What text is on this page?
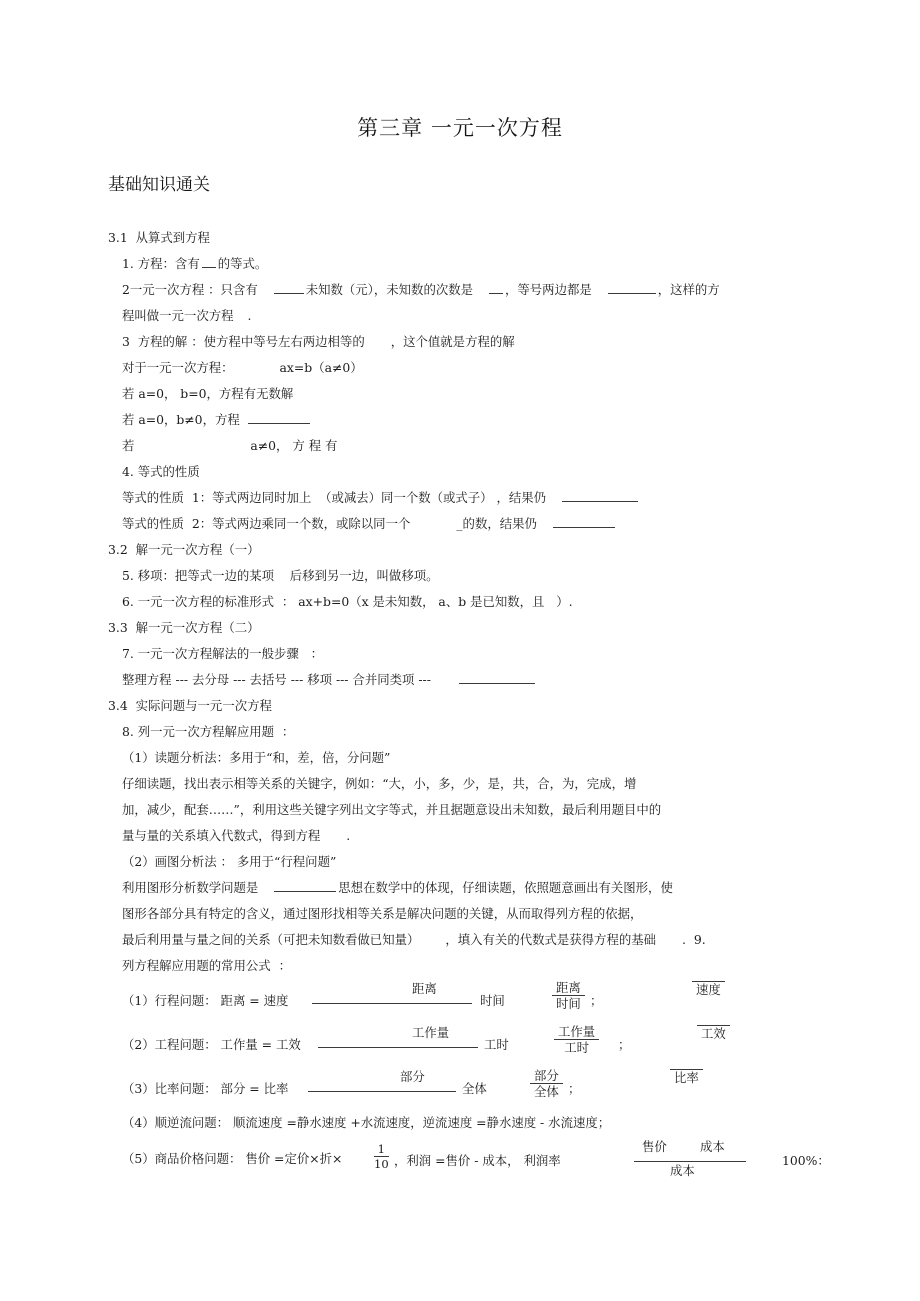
第三章 一元一次方程
基础知识通关
3.1  从算式到方程
1. 方程：含有 的等式。
2一元一次方程 ：只含有	未知数（元），未知数的次数是	，等号两边都是	，这样的方
程叫做一元一次方程 .
3  方程的解 ：使方程中等号左右两边相等的 ，这个值就是方程的解
对于一元一次方程：	ax=b（a≠0）
若 a=0， b=0，方程有无数解
若 a=0，b≠0，方程
若	a≠0， 方 程 有
4. 等式的性质
等式的性质  1：等式两边同时加上  （或减去）同一个数（或式子） ，结果仍
等式的性质  2：等式两边乘同一个数，或除以同一个	_的数，结果仍
3.2  解一元一次方程（一）
5. 移项：把等式一边的某项    后移到另一边，叫做移项。
6. 一元一次方程的标准形式  ： ax+b=0（x 是未知数， a、b 是已知数，且   ）.
3.3  解一元一次方程（二）
7. 一元一次方程解法的一般步骤   ：
整理方程 --- 去分母 --- 去括号 --- 移项 --- 合并同类项 ---
3.4  实际问题与一元一次方程
8. 列一元一次方程解应用题  ：
（1）读题分析法：多用于“和，差，倍，分问题”
仔细读题，找出表示相等关系的关键字，例如：“大，小，多，少，是，共，合，为，完成，增
加，减少，配套……”，利用这些关键字列出文字等式，并且据题意设出未知数，最后利用题目中的
量与量的关系填入代数式，得到方程 .
（2）画图分析法 ： 多用于“行程问题”
利用图形分析数学问题是	思想在数学中的体现，仔细读题，依照题意画出有关图形，使
图形各部分具有特定的含义，通过图形找相等关系是解决问题的关键，从而取得列方程的依据，
最后利用量与量之间的关系（可把未知数看做已知量） ，填入有关的代数式是获得方程的基础 .  9.
列方程解应用题的常用公式  ：
（1）行程问题： 距离 = 速度
距离
时间
距离
时间 ；
速度
（2）工程问题： 工作量 = 工效
工作量
工时
工作量
工时	；
工效
（3）比率问题： 部分 = 比率
部分
全体
部分
全体 ；
比率
（4）顺逆流问题： 顺流速度 =静水速度 +水流速度，逆流速度 =静水速度 - 水流速度；
（5）商品价格问题： 售价 =定价×折×	$\frac{1}{10}$ ，利润 =售价 - 成本， 利润率
售价	成本
成本
100%：
